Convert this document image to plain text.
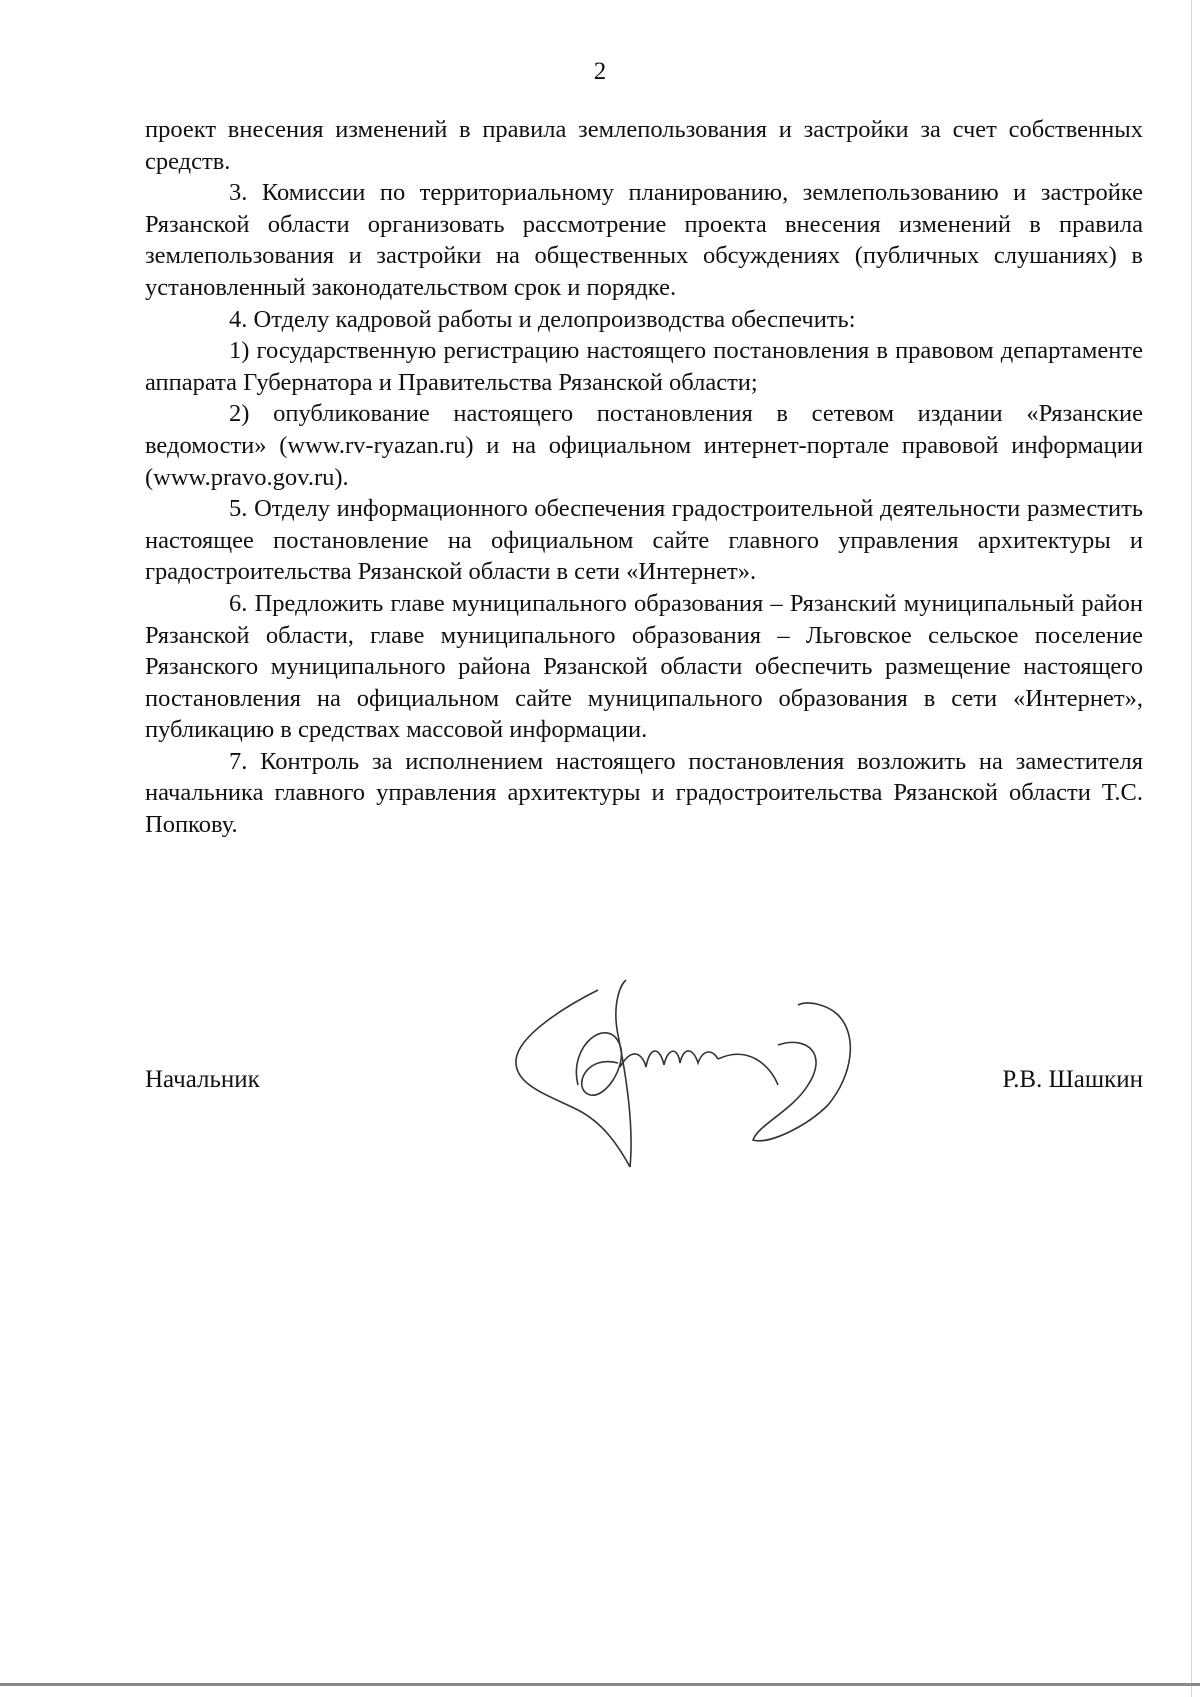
2

проект внесения изменений в правила землепользования и застройки за счет собственных средств.

3. Комиссии по территориальному планированию, землепользованию и застройке Рязанской области организовать рассмотрение проекта внесения изменений в правила землепользования и застройки на общественных обсуждениях (публичных слушаниях) в установленный законодательством срок и порядке.

4. Отделу кадровой работы и делопроизводства обеспечить:

1) государственную регистрацию настоящего постановления в правовом департаменте аппарата Губернатора и Правительства Рязанской области;

2) опубликование настоящего постановления в сетевом издании «Рязанские ведомости» (www.rv-ryazan.ru) и на официальном интернет-портале правовой информации (www.pravo.gov.ru).

5. Отделу информационного обеспечения градостроительной деятельности разместить настоящее постановление на официальном сайте главного управления архитектуры и градостроительства Рязанской области в сети «Интернет».

6. Предложить главе муниципального образования – Рязанский муниципальный район Рязанской области, главе муниципального образования – Льговское сельское поселение Рязанского муниципального района Рязанской области обеспечить размещение настоящего постановления на официальном сайте муниципального образования в сети «Интернет», публикацию в средствах массовой информации.

7. Контроль за исполнением настоящего постановления возложить на заместителя начальника главного управления архитектуры и градостроительства Рязанской области Т.С. Попкову.

Начальник	Р.В. Шашкин
